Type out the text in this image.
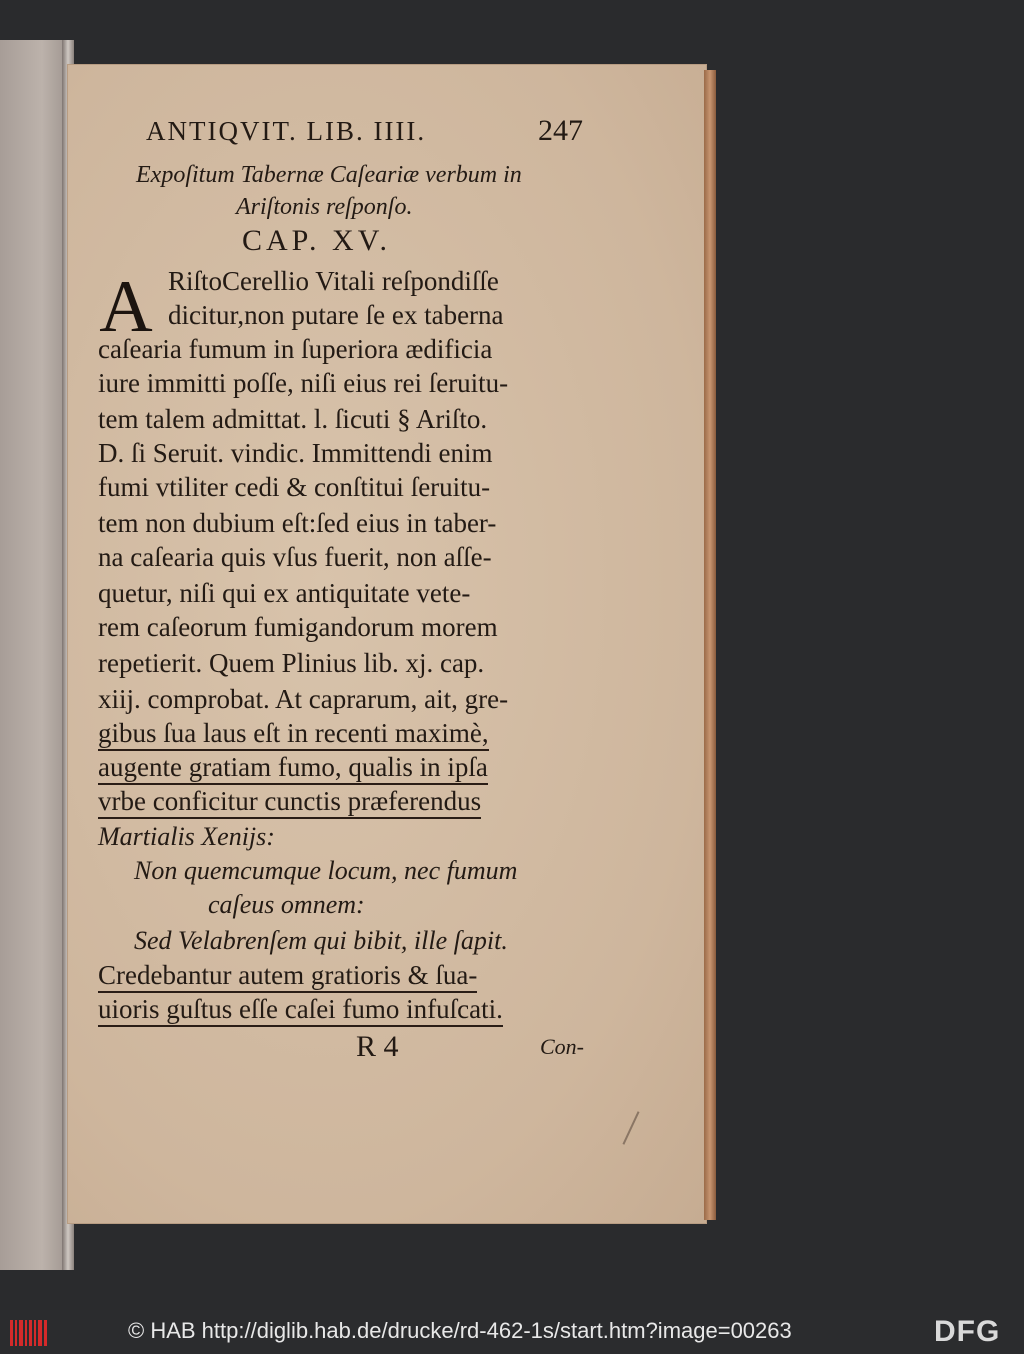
ANTIQVIT. LIB. IIII.	247
Expoſitum Tabernæ Caſeariæ verbum in
Ariſtonis reſponſo.
CAP. XV.
A RiſtoCerellio Vitali reſpondiſſe
dicitur,non putare ſe ex taberna
caſearia fumum in ſuperiora ædificia
iure immitti poſſe, niſi eius rei ſeruitu-
tem talem admittat. l. ſicuti § Ariſto.
D. ſi Seruit. vindic. Immittendi enim
fumi vtiliter cedi & conſtitui ſeruitu-
tem non dubium eſt:ſed eius in taber-
na caſearia quis vſus fuerit, non aſſe-
quetur, niſi qui ex antiquitate vete-
rem caſeorum fumigandorum morem
repetierit. Quem Plinius lib. xj. cap.
xiij. comprobat. At caprarum, ait, gre-
gibus ſua laus eſt in recenti maximè,
augente gratiam fumo, qualis in ipſa
vrbe conficitur cunctis præferendus
Martialis Xenijs:
Non quemcumque locum, nec fumum
caſeus omnem:
Sed Velabrenſem qui bibit, ille ſapit.
Credebantur autem gratioris & ſua-
uioris guſtus eſſe caſei fumo infuſcati.
R 4	Con-
© HAB http://diglib.hab.de/drucke/rd-462-1s/start.htm?image=00263	DFG
